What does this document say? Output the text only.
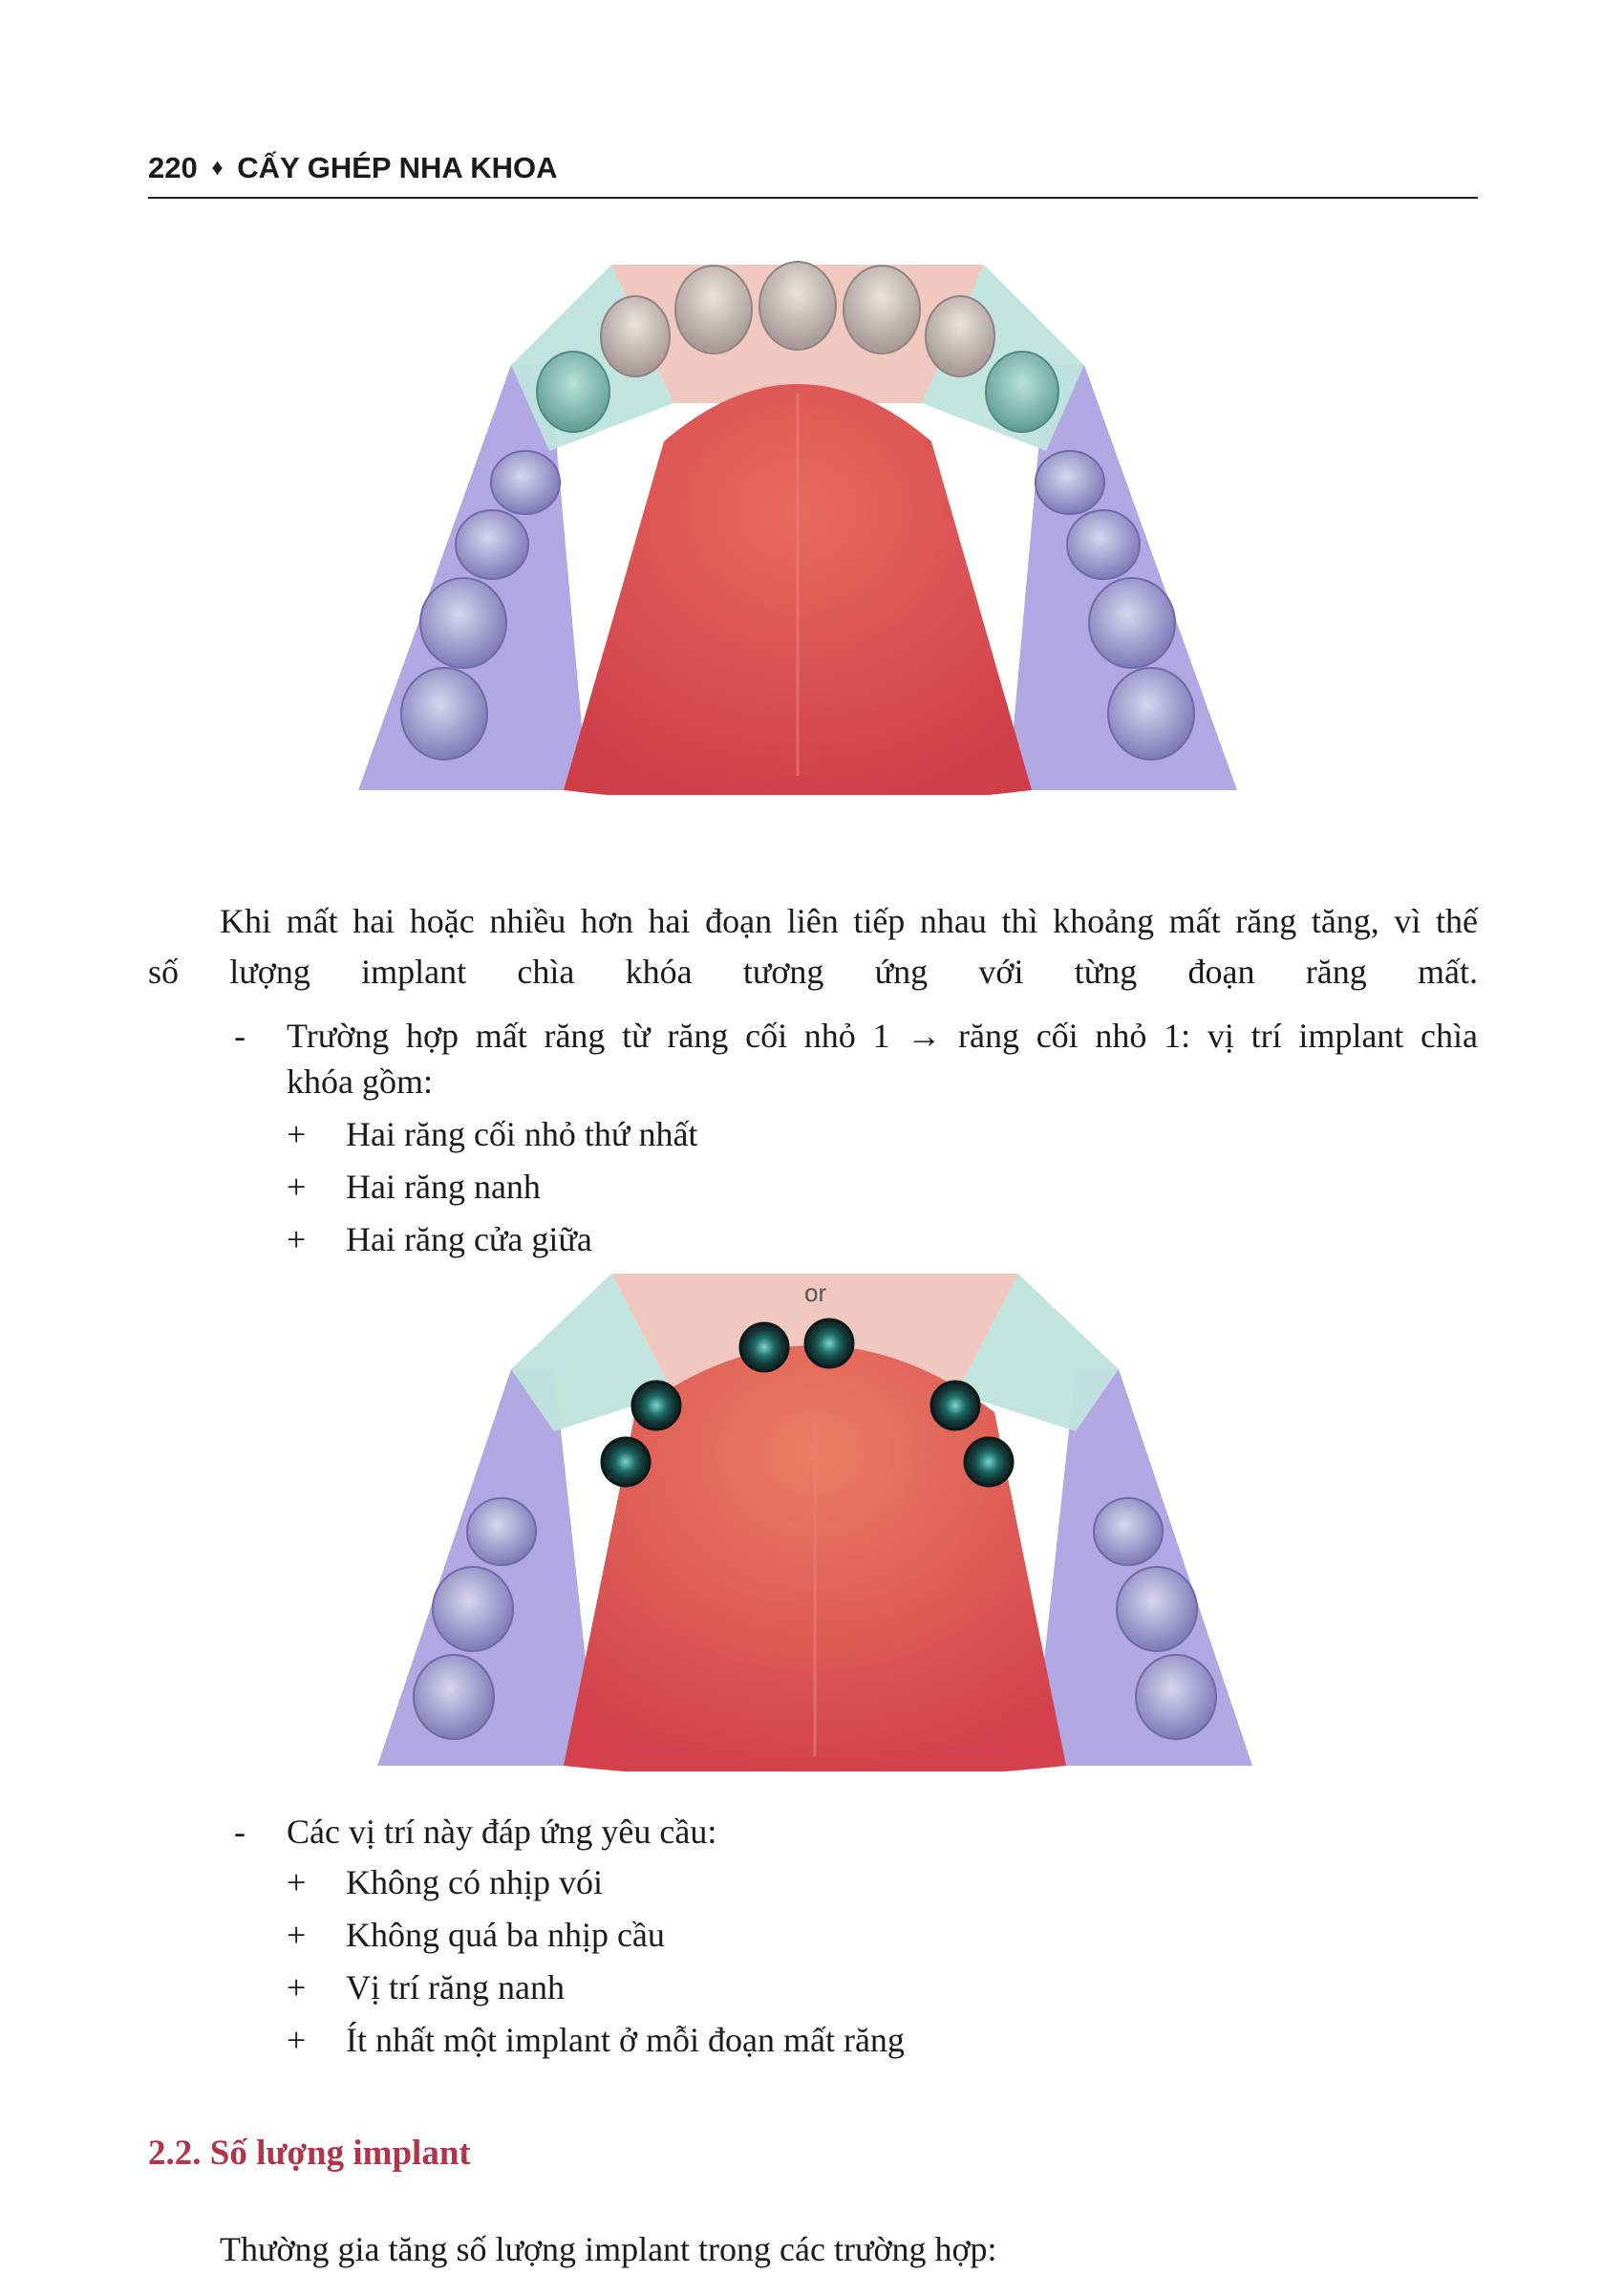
220 ♦ CẤY GHÉP NHA KHOA
Khi mất hai hoặc nhiều hơn hai đoạn liên tiếp nhau thì khoảng mất răng tăng, vì thế
số lượng implant chìa khóa tương ứng với từng đoạn răng mất.
- Trường hợp mất răng từ răng cối nhỏ 1 → răng cối nhỏ 1: vị trí implant chìa
khóa gồm:
+ Hai răng cối nhỏ thứ nhất
+ Hai răng nanh
+ Hai răng cửa giữa
or
- Các vị trí này đáp ứng yêu cầu:
+ Không có nhịp vói
+ Không quá ba nhịp cầu
+ Vị trí răng nanh
+ Ít nhất một implant ở mỗi đoạn mất răng
2.2. Số lượng implant
Thường gia tăng số lượng implant trong các trường hợp:
